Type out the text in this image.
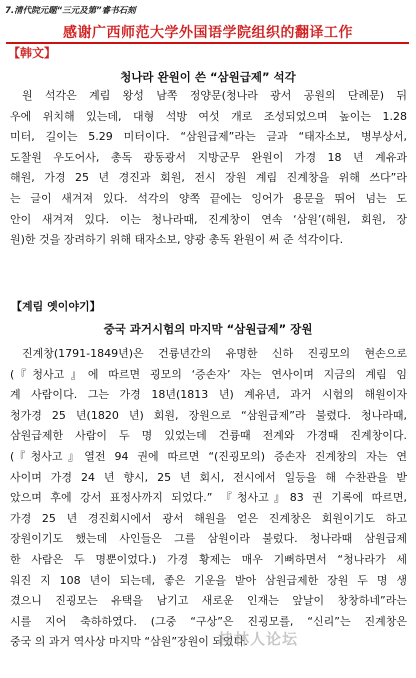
7.清代院元题“三元及第”睿书石刻
感谢广西师范大学外国语学院组织的翻译工作
【韩文】
청나라 완원이 쓴 “삼원급제” 석각
원 석각은 계림 왕성 남쪽 정양문(청나라 광서 공원의 단례문) 뒤
우에 위치해 있는데, 대형 석방 여섯 개로 조성되었으며 높이는 1.28
미터, 길이는 5.29 미터이다. “삼원급제”라는 글과 “태자소보, 병부상서,
도찰원 우도어사, 총독 광동광서 지방군무 완원이 가경 18 년 계유과
해원, 가경 25 년 경진과 회원, 전시 장원 계림 진계창을 위해 쓰다”라
는 글이 새겨져 있다. 석각의 양쪽 끝에는 잉어가 용문을 뛰어 넘는 도
안이 새겨져 있다. 이는 청나라때, 진계창이 연속 ‘삼원’(해원, 회원, 장
원)한 것을 장려하기 위해 태자소보, 양광 총독 완원이 써 준 석각이다.
【계림 옛이야기】
중국 과거시험의 마지막 “삼원급제” 장원
진계창(1791-1849년)은 건륭년간의 유명한 신하 진굉모의 현손으로
(『청사고』에 따르면 굉모의 ‘증손자’ 자는 연사이며 지금의 계림 임
계 사람이다. 그는 가경 18년(1813 년) 계유년, 과거 시험의 해원이자
청가경 25 년(1820 년) 회원, 장원으로 “삼원급제”라 불렸다. 청나라때,
삼원급제한 사람이 두 명 있었는데 건륭때 전계와 가경때 진계창이다.
(『청사고』열전 94 권에 따르면 “(진굉모의) 증손자 진계창의 자는 연
사이며 가경 24 년 향시, 25 년 회시, 전시에서 일등을 해 수찬관을 받
았으며 후에 강서 표정사까지 되었다.” 『청사고』83 권 기록에 따르면,
가경 25 년 경진회시에서 광서 해원을 얻은 진계창은 회원이기도 하고
장원이기도 했는데 사인들은 그를 삼원이라 불렀다. 청나라때 삼원급제
한 사람은 두 명뿐이었다.) 가경 황제는 매우 기뻐하면서 “청나라가 세
워진 지 108 년이 되는데, 좋은 기운을 받아 삼원급제한 장원 두 명 생
겼으니 진굉모는 유택을 남기고 새로운 인재는 앞날이 창창하네”라는
시를 지어 축하하였다. (그중 “구상”은 진굉모를, “신리”는 진계창은
중국 의 과거 역사상 마지막 “삼원”장원이 되었다.
桂林人论坛
